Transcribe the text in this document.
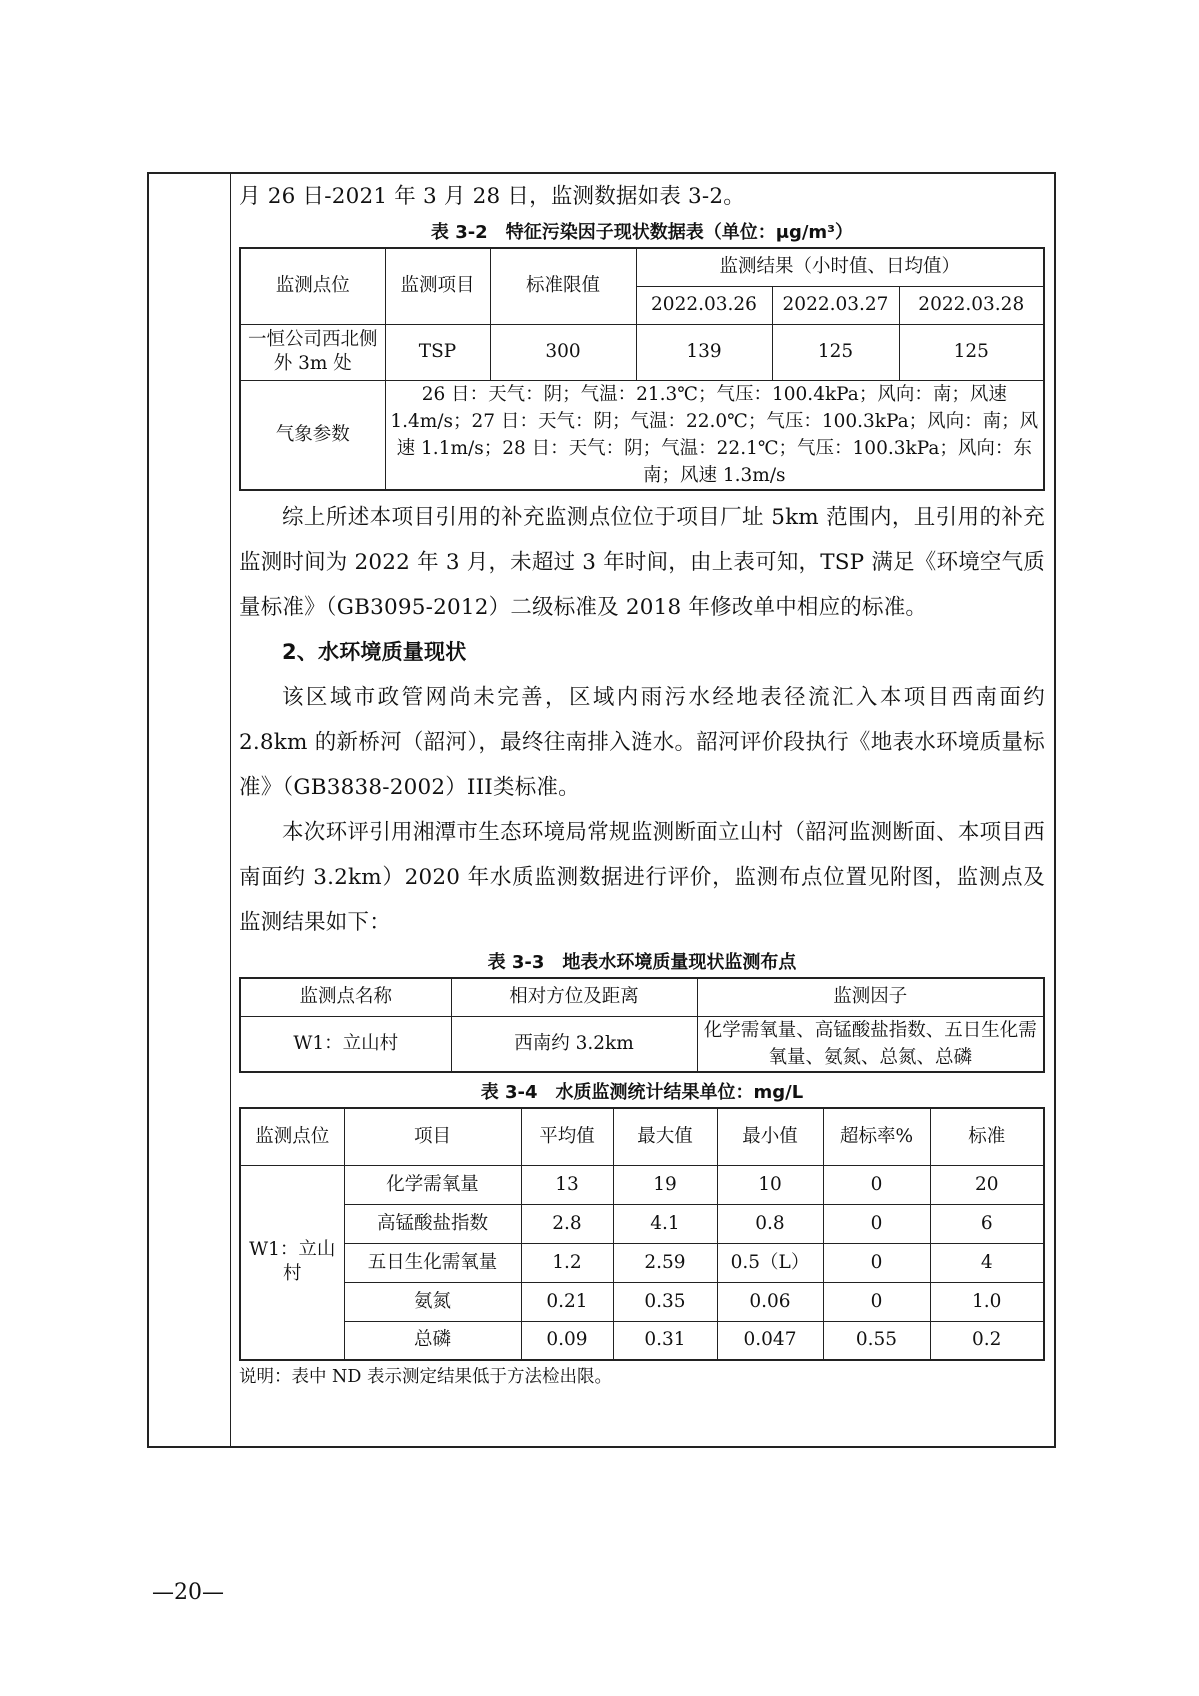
月 26 日-2021 年 3 月 28 日，监测数据如表 3-2。

表 3-2　特征污染因子现状数据表（单位：μg/m³）

监测点位	监测项目	标准限值	监测结果（小时值、日均值）		
			2022.03.26	2022.03.27	2022.03.28
一恒公司西北侧外 3m 处	TSP	300	139	125	125
气象参数	26 日：天气：阴；气温：21.3℃；气压：100.4kPa；风向：南；风速1.4m/s；27 日：天气：阴；气温：22.0℃；气压：100.3kPa；风向：南；风速 1.1m/s；28 日：天气：阴；气温：22.1℃；气压：100.3kPa；风向：东南；风速 1.3m/s				

综上所述本项目引用的补充监测点位位于项目厂址 5km 范围内，且引用的补充监测时间为 2022 年 3 月，未超过 3 年时间，由上表可知，TSP 满足《环境空气质量标准》（GB3095-2012）二级标准及 2018 年修改单中相应的标准。

2、水环境质量现状

该区域市政管网尚未完善，区域内雨污水经地表径流汇入本项目西南面约 2.8km 的新桥河（韶河），最终往南排入涟水。韶河评价段执行《地表水环境质量标准》（GB3838-2002）III类标准。

本次环评引用湘潭市生态环境局常规监测断面立山村（韶河监测断面、本项目西南面约 3.2km）2020 年水质监测数据进行评价，监测布点位置见附图，监测点及监测结果如下：

表 3-3　地表水环境质量现状监测布点

监测点名称	相对方位及距离	监测因子
W1：立山村	西南约 3.2km	化学需氧量、高锰酸盐指数、五日生化需氧量、氨氮、总氮、总磷

表 3-4　水质监测统计结果单位：mg/L

监测点位	项目	平均值	最大值	最小值	超标率%	标准
W1：立山村	化学需氧量	13	19	10	0	20
	高锰酸盐指数	2.8	4.1	0.8	0	6
	五日生化需氧量	1.2	2.59	0.5（L）	0	4
	氨氮	0.21	0.35	0.06	0	1.0
	总磷	0.09	0.31	0.047	0.55	0.2

说明：表中 ND 表示测定结果低于方法检出限。

—20—
